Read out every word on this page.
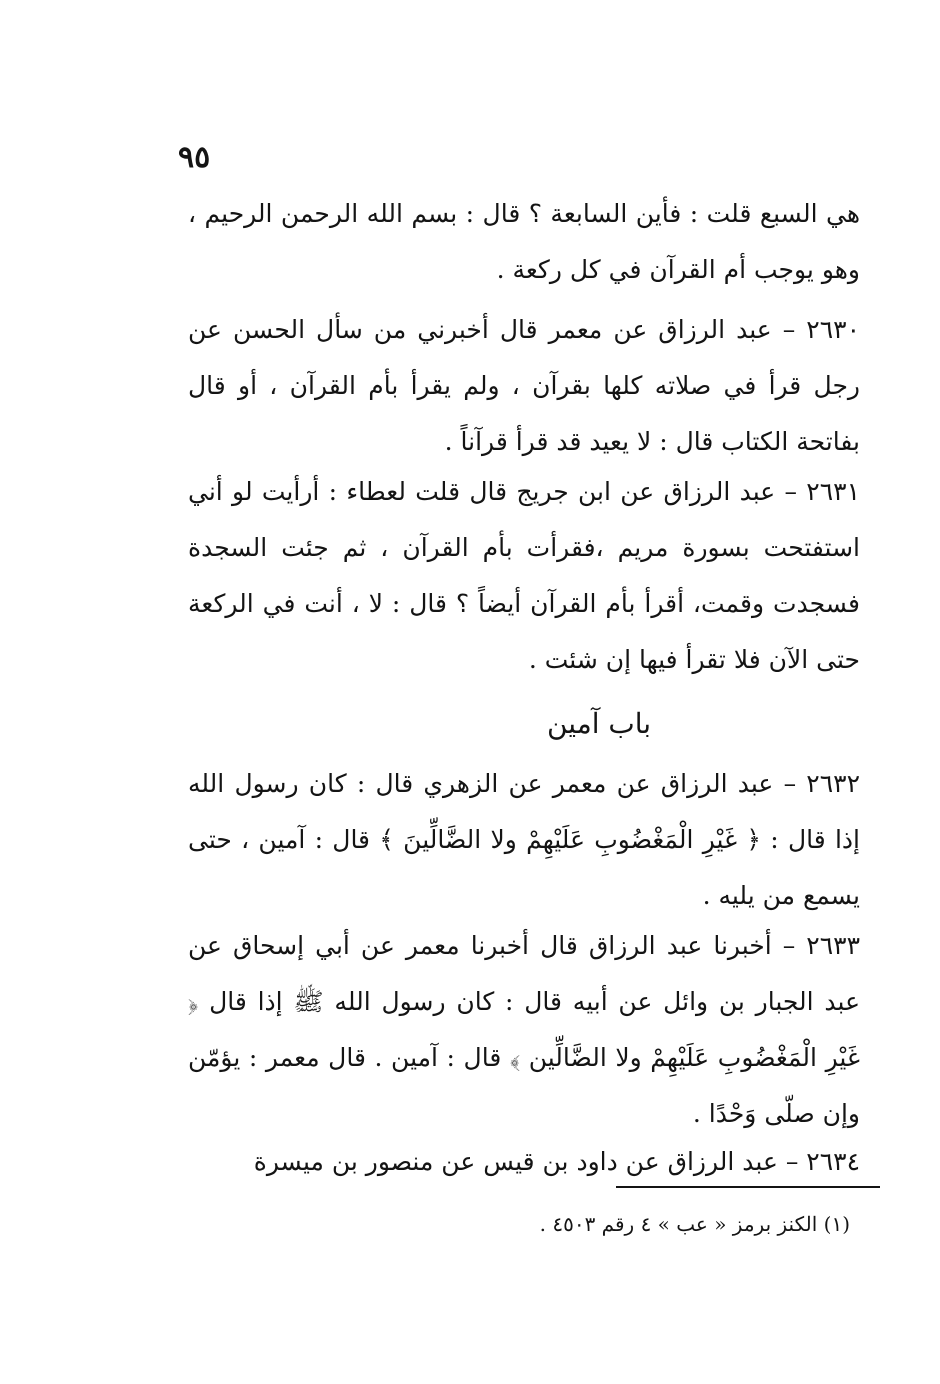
٩٥

هي السبع قلت : فأين السابعة ؟ قال : بسم الله الرحمن الرحيم ، وهو يوجب أم القرآن في كل ركعة .

٢٦٣٠ – عبد الرزاق عن معمر قال أخبرني من سأل الحسن عن رجل قرأ في صلاته كلها بقرآن ، ولم يقرأ بأم القرآن ، أو قال بفاتحة الكتاب قال : لا يعيد قد قرأ قرآناً .

٢٦٣١ – عبد الرزاق عن ابن جريج قال قلت لعطاء : أرأيت لو أني استفتحت بسورة مريم ،فقرأت بأم القرآن ، ثم جئت السجدة فسجدت وقمت، أقرأ بأم القرآن أيضاً ؟ قال : لا ، أنت في الركعة حتى الآن فلا تقرأ فيها إن شئت .

باب آمين

٢٦٣٢ – عبد الرزاق عن معمر عن الزهري قال : كان رسول الله إذا قال : ﴿ غَيْرِ الْمَغْضُوبِ عَلَيْهِمْ ولا الضَّالِّينَ ﴾ قال : آمين ، حتى يسمع من يليه .

٢٦٣٣ – أخبرنا عبد الرزاق قال أخبرنا معمر عن أبي إسحاق عن عبد الجبار بن وائل عن أبيه قال : كان رسول الله ﷺ إذا قال ﴿ غَيْرِ الْمَغْضُوبِ عَلَيْهِمْ ولا الضَّالِّين ﴾ قال : آمين . قال معمر : يؤمّن وإن صلّى وَحْدًا .

٢٦٣٤ – عبد الرزاق عن داود بن قيس عن منصور بن ميسرة

(١) الكنز برمز « عب » ٤ رقم ٤٥٠٣ .
